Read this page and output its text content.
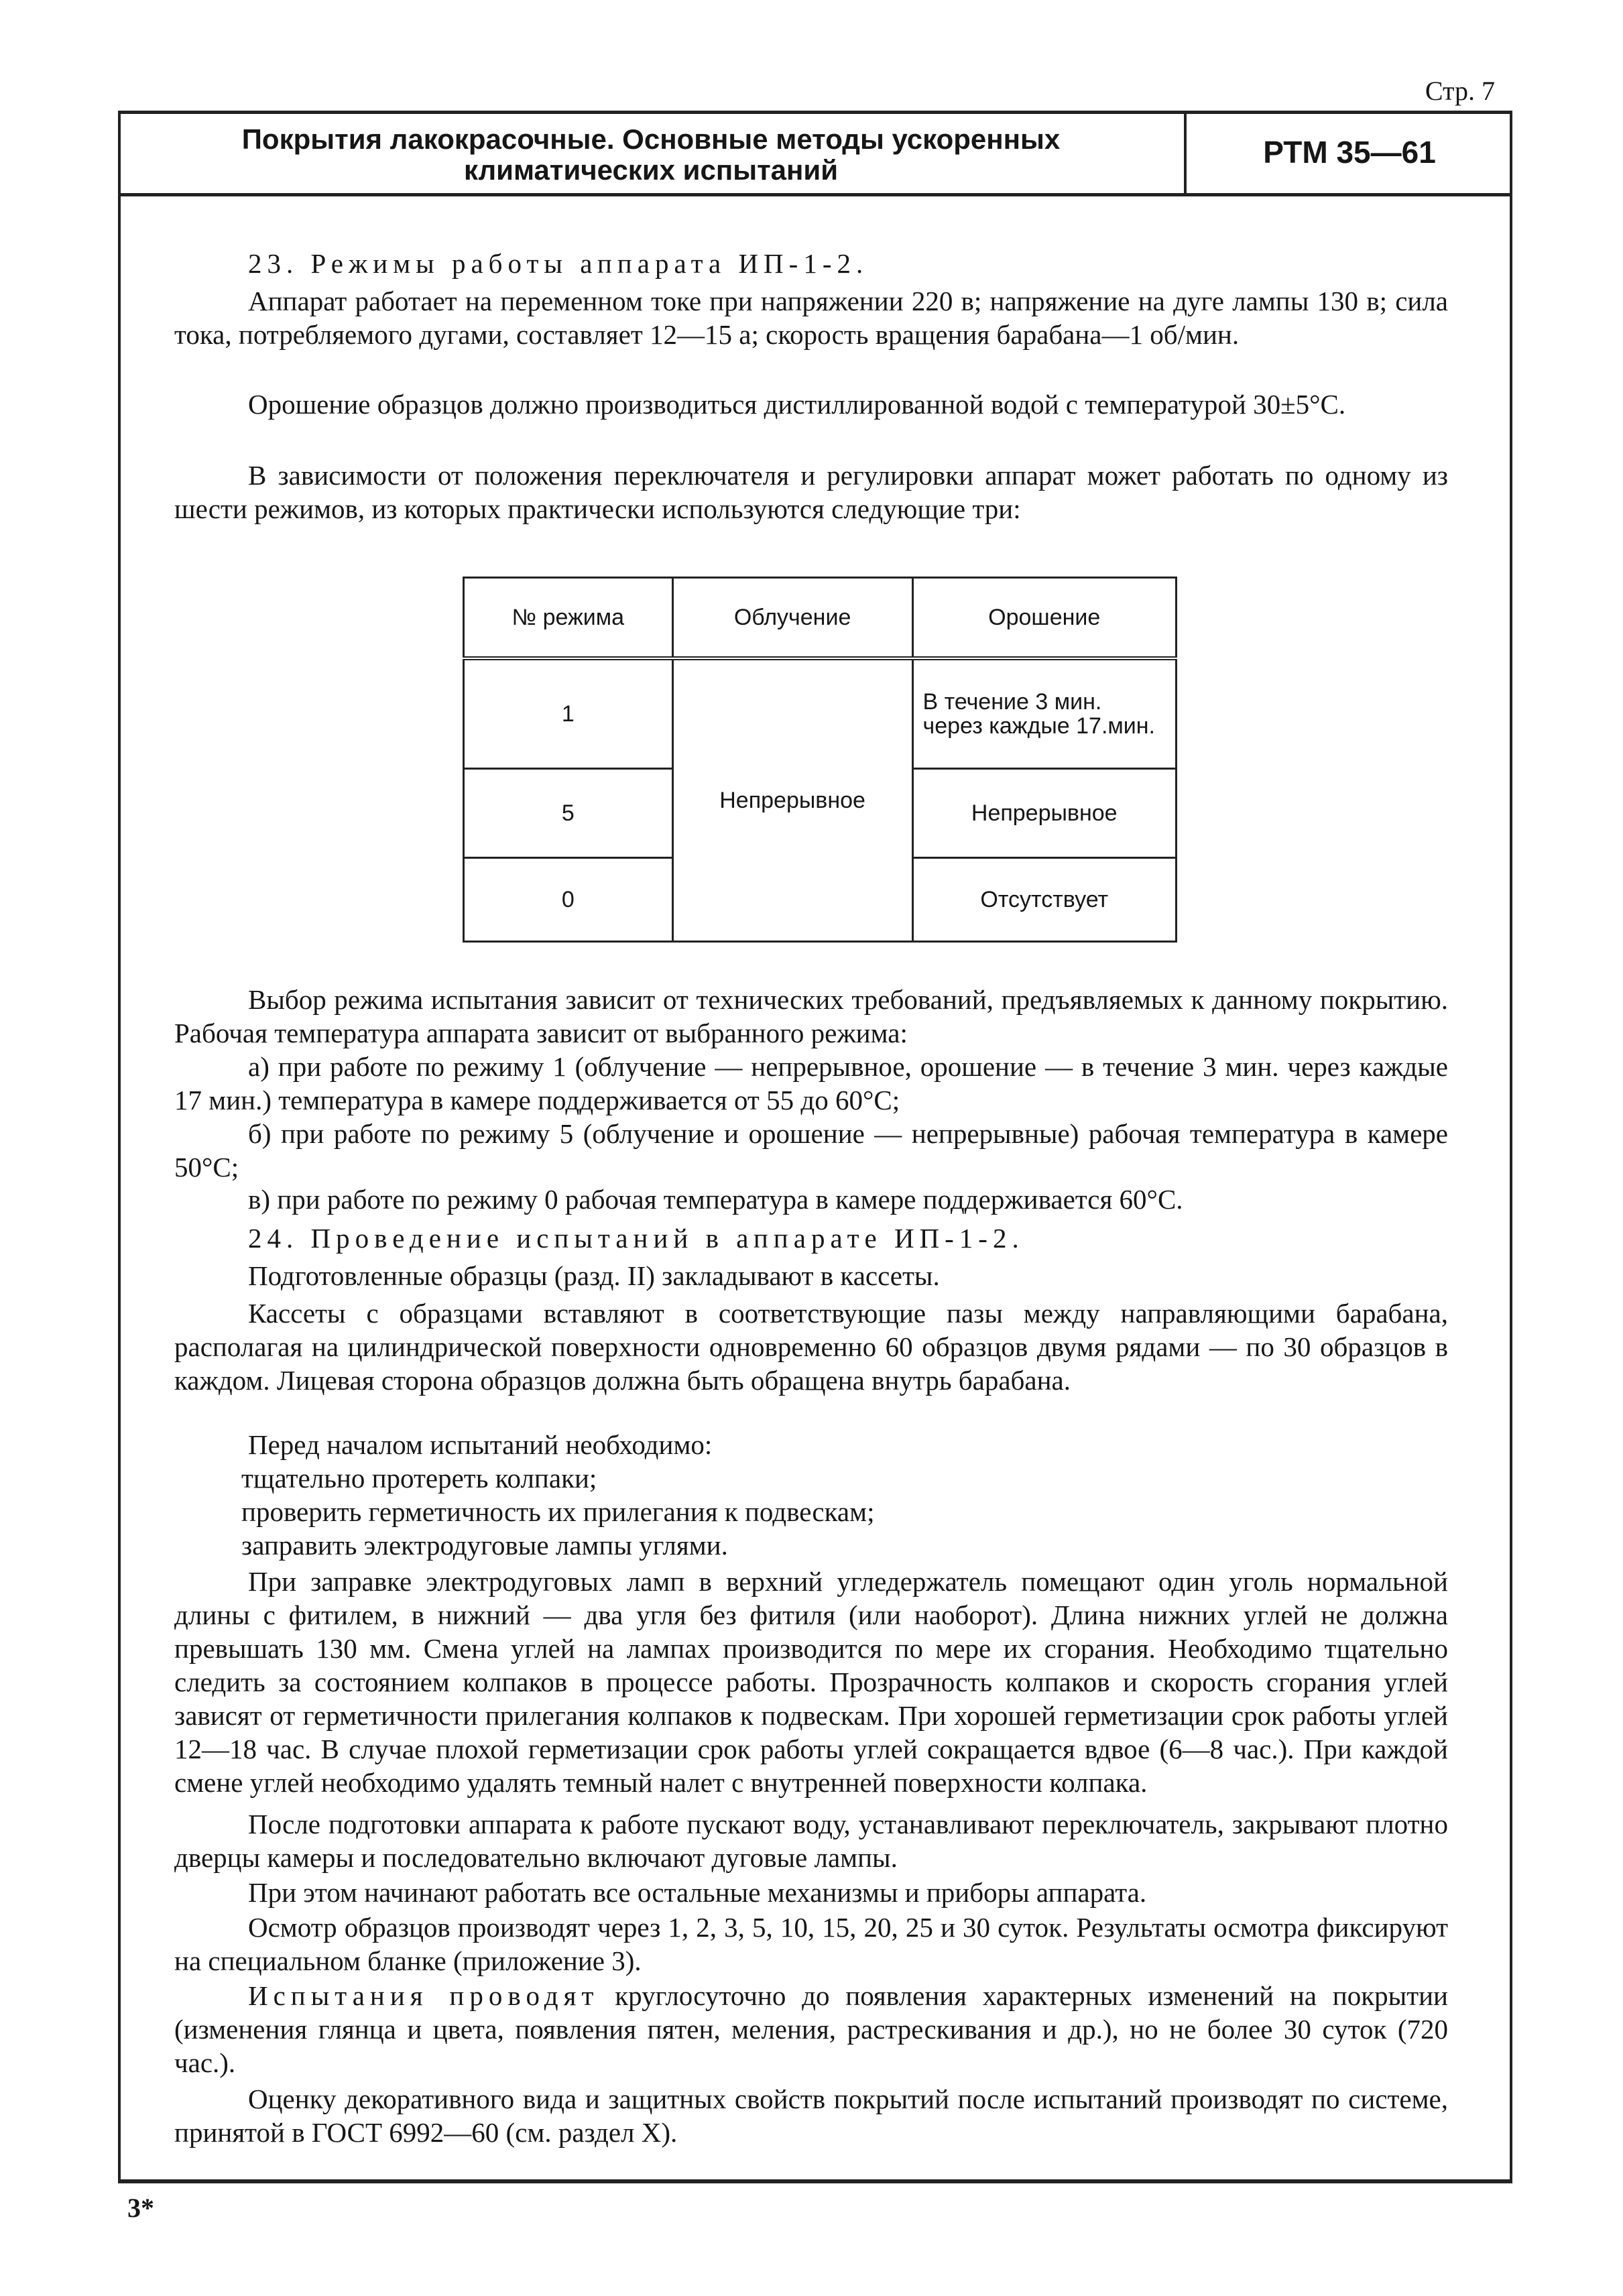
Стр. 7
Покрытия лакокрасочные. Основные методы ускоренных
климатических испытаний
РТМ 35—61

23. Режимы работы аппарата ИП-1-2.

Аппарат работает на переменном токе при напряжении 220 в; напряжение на дуге лампы 130 в; сила тока, потребляемого дугами, составляет 12—15 а; скорость вращения барабана—1 об/мин.

Орошение образцов должно производиться дистиллированной водой с температурой 30±5°С.

В зависимости от положения переключателя и регулировки аппарат может работать по одному из шести режимов, из которых практически используются следующие три:

№ режима	Облучение	Орошение
1	Непрерывное	В течение 3 мин. через каждые 17.мин.
5		Непрерывное
0		Отсутствует

Выбор режима испытания зависит от технических требований, предъявляемых к данному покрытию. Рабочая температура аппарата зависит от выбранного режима:

а) при работе по режиму 1 (облучение — непрерывное, орошение — в течение 3 мин. через каждые 17 мин.) температура в камере поддерживается от 55 до 60°С;

б) при работе по режиму 5 (облучение и орошение — непрерывные) рабочая температура в камере 50°С;

в) при работе по режиму 0 рабочая температура в камере поддерживается 60°С.

24. Проведение испытаний в аппарате ИП-1-2.

Подготовленные образцы (разд. II) закладывают в кассеты.

Кассеты с образцами вставляют в соответствующие пазы между направляющими барабана, располагая на цилиндрической поверхности одновременно 60 образцов двумя рядами — по 30 образцов в каждом. Лицевая сторона образцов должна быть обращена внутрь барабана.

Перед началом испытаний необходимо:
тщательно протереть колпаки;
проверить герметичность их прилегания к подвескам;
заправить электродуговые лампы углями.

При заправке электродуговых ламп в верхний угледержатель помещают один уголь нормальной длины с фитилем, в нижний — два угля без фитиля (или наоборот). Длина нижних углей не должна превышать 130 мм. Смена углей на лампах производится по мере их сгорания. Необходимо тщательно следить за состоянием колпаков в процессе работы. Прозрачность колпаков и скорость сгорания углей зависят от герметичности прилегания колпаков к подвескам. При хорошей герметизации срок работы углей 12—18 час. В случае плохой герметизации срок работы углей сокращается вдвое (6—8 час.). При каждой смене углей необходимо удалять темный налет с внутренней поверхности колпака.

После подготовки аппарата к работе пускают воду, устанавливают переключатель, закрывают плотно дверцы камеры и последовательно включают дуговые лампы.

При этом начинают работать все остальные механизмы и приборы аппарата.

Осмотр образцов производят через 1, 2, 3, 5, 10, 15, 20, 25 и 30 суток. Результаты осмотра фиксируют на специальном бланке (приложение 3).

Испытания проводят круглосуточно до появления характерных изменений на покрытии (изменения глянца и цвета, появления пятен, меления, растрескивания и др.), но не более 30 суток (720 час.).

Оценку декоративного вида и защитных свойств покрытий после испытаний производят по системе, принятой в ГОСТ 6992—60 (см. раздел X).

3*
